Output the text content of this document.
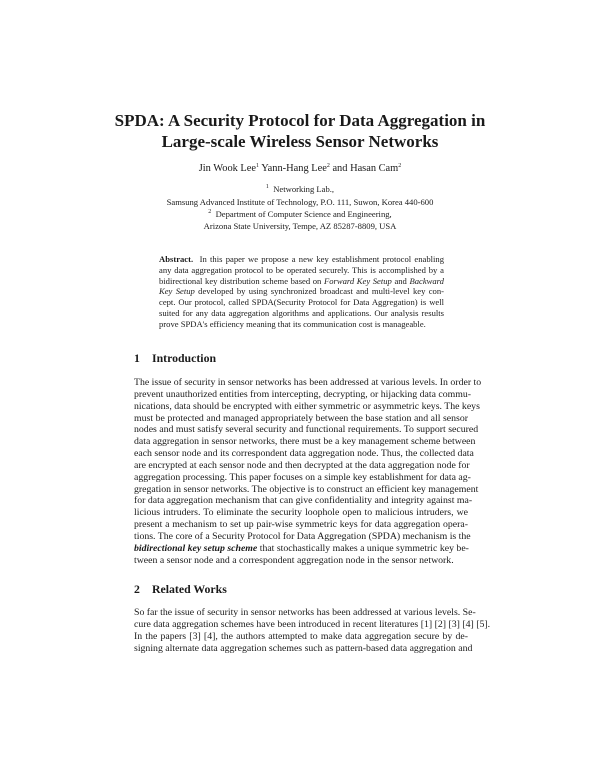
SPDA: A Security Protocol for Data Aggregation in
Large-scale Wireless Sensor Networks
Jin Wook Lee$^1$ Yann-Hang Lee$^2$ and Hasan Cam$^2$
$^1$ Networking Lab.,
Samsung Advanced Institute of Technology, P.O. 111, Suwon, Korea 440-600
$^2$ Department of Computer Science and Engineering,
Arizona State University, Tempe, AZ 85287-8809, USA
Abstract. In this paper we propose a new key establishment protocol enabling
any data aggregation protocol to be operated securely. This is accomplished by a
bidirectional key distribution scheme based on Forward Key Setup and Backward
Key Setup developed by using synchronized broadcast and multi-level key con-
cept. Our protocol, called SPDA(Security Protocol for Data Aggregation) is well
suited for any data aggregation algorithms and applications. Our analysis results
prove SPDA's efficiency meaning that its communication cost is manageable.
1 Introduction
The issue of security in sensor networks has been addressed at various levels. In order to
prevent unauthorized entities from intercepting, decrypting, or hijacking data commu-
nications, data should be encrypted with either symmetric or asymmetric keys. The keys
must be protected and managed appropriately between the base station and all sensor
nodes and must satisfy several security and functional requirements. To support secured
data aggregation in sensor networks, there must be a key management scheme between
each sensor node and its correspondent data aggregation node. Thus, the collected data
are encrypted at each sensor node and then decrypted at the data aggregation node for
aggregation processing. This paper focuses on a simple key establishment for data ag-
gregation in sensor networks. The objective is to construct an efficient key management
for data aggregation mechanism that can give confidentiality and integrity against ma-
licious intruders. To eliminate the security loophole open to malicious intruders, we
present a mechanism to set up pair-wise symmetric keys for data aggregation opera-
tions. The core of a Security Protocol for Data Aggregation (SPDA) mechanism is the
bidirectional key setup scheme that stochastically makes a unique symmetric key be-
tween a sensor node and a correspondent aggregation node in the sensor network.
2 Related Works
So far the issue of security in sensor networks has been addressed at various levels. Se-
cure data aggregation schemes have been introduced in recent literatures [1] [2] [3] [4] [5].
In the papers [3] [4], the authors attempted to make data aggregation secure by de-
signing alternate data aggregation schemes such as pattern-based data aggregation and
